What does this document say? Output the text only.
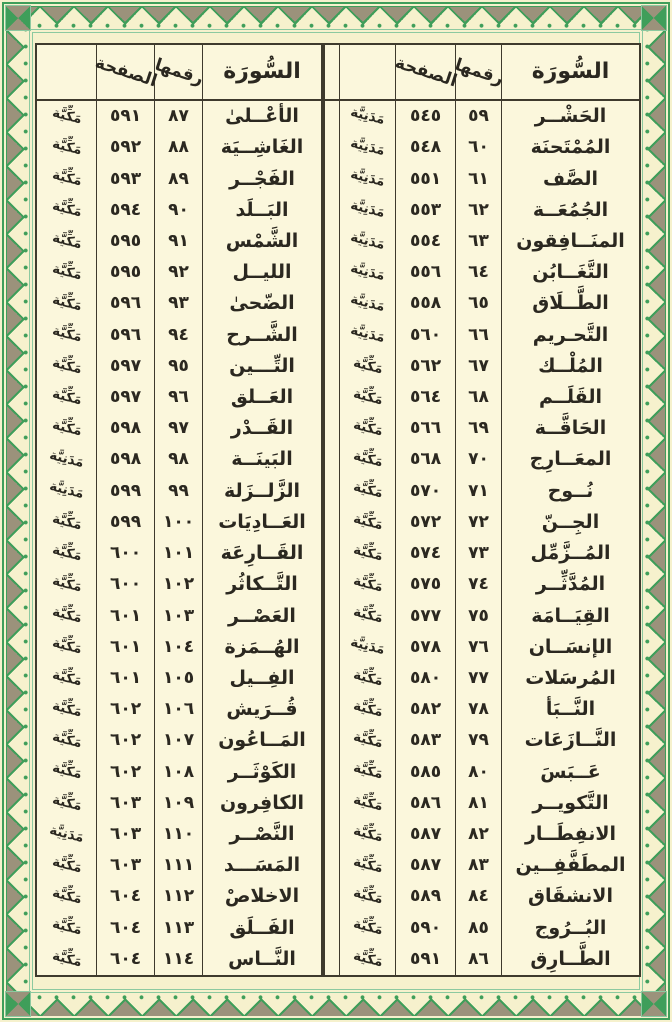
السُّورَة
رقمها
الصفحة
الحَشْــر
٥٩
٥٤٥
مَدَنِيَّة
المُمْتَحنَة
٦٠
٥٤٨
مَدَنِيَّة
الصَّف
٦١
٥٥١
مَدَنِيَّة
الجُمُعَــة
٦٢
٥٥٣
مَدَنِيَّة
المنَــافِقون
٦٣
٥٥٤
مَدَنِيَّة
التَّغَــابُن
٦٤
٥٥٦
مَدَنِيَّة
الطَّــلَاق
٦٥
٥٥٨
مَدَنِيَّة
التَّحـريم
٦٦
٥٦٠
مَدَنِيَّة
المُلْــك
٦٧
٥٦٢
مَكِّيَّة
القَلَــم
٦٨
٥٦٤
مَكِّيَّة
الحَاقَّــة
٦٩
٥٦٦
مَكِّيَّة
المعَــارِج
٧٠
٥٦٨
مَكِّيَّة
نُــوح
٧١
٥٧٠
مَكِّيَّة
الجِــنّ
٧٢
٥٧٢
مَكِّيَّة
المُــزَّمِّل
٧٣
٥٧٤
مَكِّيَّة
المُدَّثِّــر
٧٤
٥٧٥
مَكِّيَّة
القِيَــامَة
٧٥
٥٧٧
مَكِّيَّة
الإنسَــان
٧٦
٥٧٨
مَدَنِيَّة
المُرسَلات
٧٧
٥٨٠
مَكِّيَّة
النَّــبَأ
٧٨
٥٨٢
مَكِّيَّة
النَّــازَعَات
٧٩
٥٨٣
مَكِّيَّة
عَــبَسَ
٨٠
٥٨٥
مَكِّيَّة
التَّكويــر
٨١
٥٨٦
مَكِّيَّة
الانفِطَــار
٨٢
٥٨٧
مَكِّيَّة
المطَفَّفِــين
٨٣
٥٨٧
مَكِّيَّة
الانشقَاق
٨٤
٥٨٩
مَكِّيَّة
البُــرُوج
٨٥
٥٩٠
مَكِّيَّة
الطَّــارِق
٨٦
٥٩١
مَكِّيَّة
السُّورَة
رقمها
الصفحة
الأعْــلىٰ
٨٧
٥٩١
مَكِّيَّة
الغَاشِــيَة
٨٨
٥٩٢
مَكِّيَّة
الفَجْــر
٨٩
٥٩٣
مَكِّيَّة
البَــلَد
٩٠
٥٩٤
مَكِّيَّة
الشَّمْس
٩١
٥٩٥
مَكِّيَّة
الليــل
٩٢
٥٩٥
مَكِّيَّة
الضّحىٰ
٩٣
٥٩٦
مَكِّيَّة
الشَّــرح
٩٤
٥٩٦
مَكِّيَّة
التِّـــين
٩٥
٥٩٧
مَكِّيَّة
العَــلق
٩٦
٥٩٧
مَكِّيَّة
القَــدْر
٩٧
٥٩٨
مَكِّيَّة
البَينَــة
٩٨
٥٩٨
مَدَنِيَّة
الزَّلــزَلة
٩٩
٥٩٩
مَدَنِيَّة
العَــادِيَات
١٠٠
٥٩٩
مَكِّيَّة
القَــارِعَة
١٠١
٦٠٠
مَكِّيَّة
التَّــكاثُر
١٠٢
٦٠٠
مَكِّيَّة
العَصْــر
١٠٣
٦٠١
مَكِّيَّة
الهُــمَزة
١٠٤
٦٠١
مَكِّيَّة
الفِــيل
١٠٥
٦٠١
مَكِّيَّة
قُــرَيش
١٠٦
٦٠٢
مَكِّيَّة
المَــاعُون
١٠٧
٦٠٢
مَكِّيَّة
الكَوْثَــر
١٠٨
٦٠٢
مَكِّيَّة
الكافِرون
١٠٩
٦٠٣
مَكِّيَّة
النَّصْــر
١١٠
٦٠٣
مَدَنِيَّة
المَسَـــد
١١١
٦٠٣
مَكِّيَّة
الاخلاصْ
١١٢
٦٠٤
مَكِّيَّة
الفَــلَق
١١٣
٦٠٤
مَكِّيَّة
النَّــاس
١١٤
٦٠٤
مَكِّيَّة
